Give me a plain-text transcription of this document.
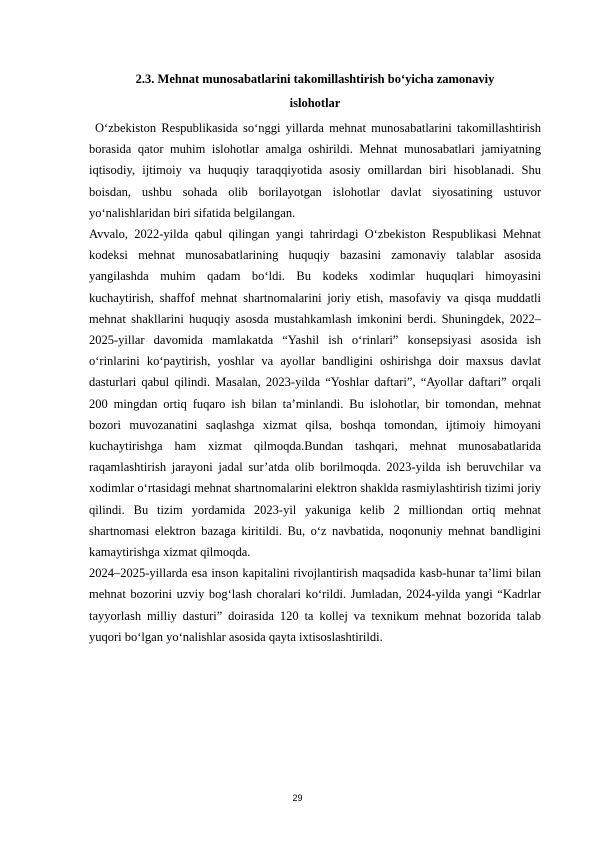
2.3. Mehnat munosabatlarini takomillashtirish bo‘yicha zamonaviy
islohotlar

O‘zbekiston Respublikasida so‘nggi yillarda mehnat munosabatlarini takomillashtirish borasida qator muhim islohotlar amalga oshirildi. Mehnat munosabatlari jamiyatning iqtisodiy, ijtimoiy va huquqiy taraqqiyotida asosiy omillardan biri hisoblanadi. Shu boisdan, ushbu sohada olib borilayotgan islohotlar davlat siyosatining ustuvor yo‘nalishlaridan biri sifatida belgilangan.

Avvalo, 2022-yilda qabul qilingan yangi tahrirdagi O‘zbekiston Respublikasi Mehnat kodeksi mehnat munosabatlarining huquqiy bazasini zamonaviy talablar asosida yangilashda muhim qadam bo‘ldi. Bu kodeks xodimlar huquqlari himoyasini kuchaytirish, shaffof mehnat shartnomalarini joriy etish, masofaviy va qisqa muddatli mehnat shakllarini huquqiy asosda mustahkamlash imkonini berdi. Shuningdek, 2022–2025-yillar davomida mamlakatda “Yashil ish o‘rinlari” konsepsiyasi asosida ish o‘rinlarini ko‘paytirish, yoshlar va ayollar bandligini oshirishga doir maxsus davlat dasturlari qabul qilindi. Masalan, 2023-yilda “Yoshlar daftari”, “Ayollar daftari” orqali 200 mingdan ortiq fuqaro ish bilan ta’minlandi. Bu islohotlar, bir tomondan, mehnat bozori muvozanatini saqlashga xizmat qilsa, boshqa tomondan, ijtimoiy himoyani kuchaytirishga ham xizmat qilmoqda.Bundan tashqari, mehnat munosabatlarida raqamlashtirish jarayoni jadal sur’atda olib borilmoqda. 2023-yilda ish beruvchilar va xodimlar o‘rtasidagi mehnat shartnomalarini elektron shaklda rasmiylashtirish tizimi joriy qilindi. Bu tizim yordamida 2023-yil yakuniga kelib 2 milliondan ortiq mehnat shartnomasi elektron bazaga kiritildi. Bu, o‘z navbatida, noqonuniy mehnat bandligini kamaytirishga xizmat qilmoqda.

2024–2025-yillarda esa inson kapitalini rivojlantirish maqsadida kasb-hunar ta’limi bilan mehnat bozorini uzviy bog‘lash choralari ko‘rildi. Jumladan, 2024-yilda yangi “Kadrlar tayyorlash milliy dasturi” doirasida 120 ta kollej va texnikum mehnat bozorida talab yuqori bo‘lgan yo‘nalishlar asosida qayta ixtisoslashtirildi.

29
